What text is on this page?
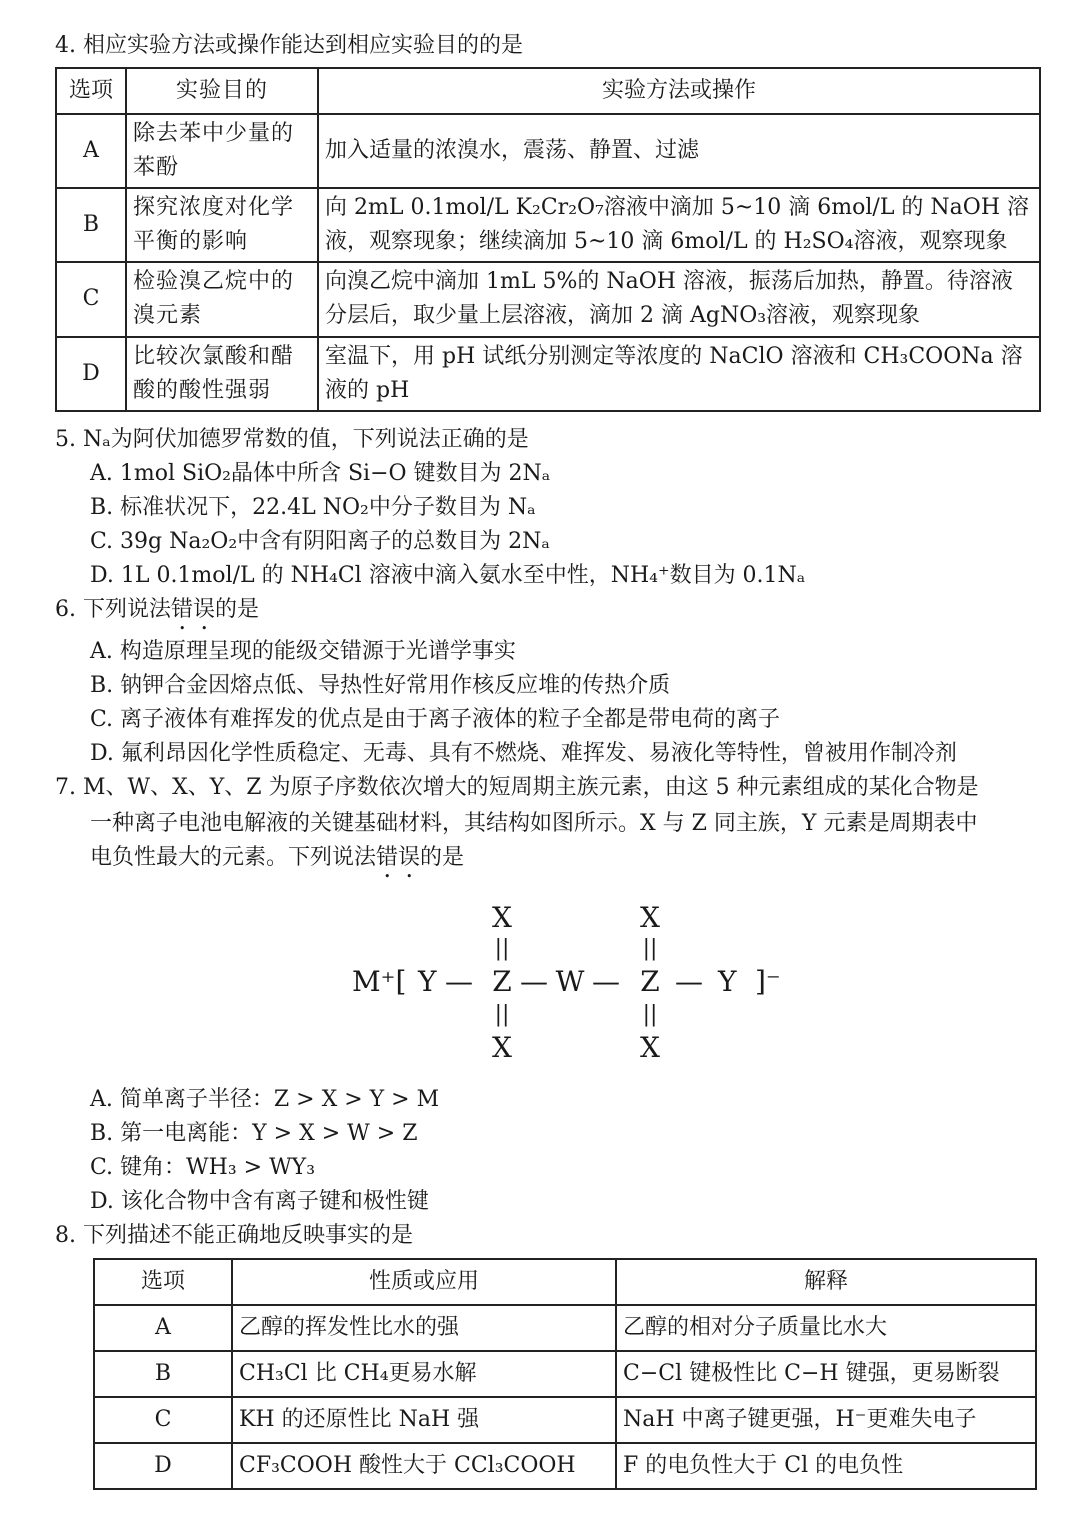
4. 相应实验方法或操作能达到相应实验目的的是
选项	实验目的	实验方法或操作
A	除去苯中少量的苯酚	加入适量的浓溴水，震荡、静置、过滤
B	探究浓度对化学平衡的影响	向 2mL 0.1mol/L K₂Cr₂O₇溶液中滴加 5~10 滴 6mol/L 的 NaOH 溶液，观察现象；继续滴加 5~10 滴 6mol/L 的 H₂SO₄溶液，观察现象
C	检验溴乙烷中的溴元素	向溴乙烷中滴加 1mL 5%的 NaOH 溶液，振荡后加热，静置。待溶液分层后，取少量上层溶液，滴加 2 滴 AgNO₃溶液，观察现象
D	比较次氯酸和醋酸的酸性强弱	室温下，用 pH 试纸分别测定等浓度的 NaClO 溶液和 CH₃COONa 溶液的 pH
5. Nₐ为阿伏加德罗常数的值，下列说法正确的是
A. 1mol SiO₂晶体中所含 Si−O 键数目为 2Nₐ
B. 标准状况下，22.4L NO₂中分子数目为 Nₐ
C. 39g Na₂O₂中含有阴阳离子的总数目为 2Nₐ
D. 1L 0.1mol/L 的 NH₄Cl 溶液中滴入氨水至中性，NH₄⁺数目为 0.1Nₐ
6. 下列说法错误的是
A. 构造原理呈现的能级交错源于光谱学事实
B. 钠钾合金因熔点低、导热性好常用作核反应堆的传热介质
C. 离子液体有难挥发的优点是由于离子液体的粒子全都是带电荷的离子
D. 氟利昂因化学性质稳定、无毒、具有不燃烧、难挥发、易液化等特性，曾被用作制冷剂
7. M、W、X、Y、Z 为原子序数依次增大的短周期主族元素，由这 5 种元素组成的某化合物是
一种离子电池电解液的关键基础材料，其结构如图所示。X 与 Z 同主族，Y 元素是周期表中
电负性最大的元素。下列说法错误的是
X	X
||	||
M⁺[ Y — Z — W — Z — Y ]⁻
||	||
X	X
A. 简单离子半径：Z > X > Y > M
B. 第一电离能：Y > X > W > Z
C. 键角：WH₃ > WY₃
D. 该化合物中含有离子键和极性键
8. 下列描述不能正确地反映事实的是
选项	性质或应用	解释
A	乙醇的挥发性比水的强	乙醇的相对分子质量比水大
B	CH₃Cl 比 CH₄更易水解	C−Cl 键极性比 C−H 键强，更易断裂
C	KH 的还原性比 NaH 强	NaH 中离子键更强，H⁻更难失电子
D	CF₃COOH 酸性大于 CCl₃COOH	F 的电负性大于 Cl 的电负性
